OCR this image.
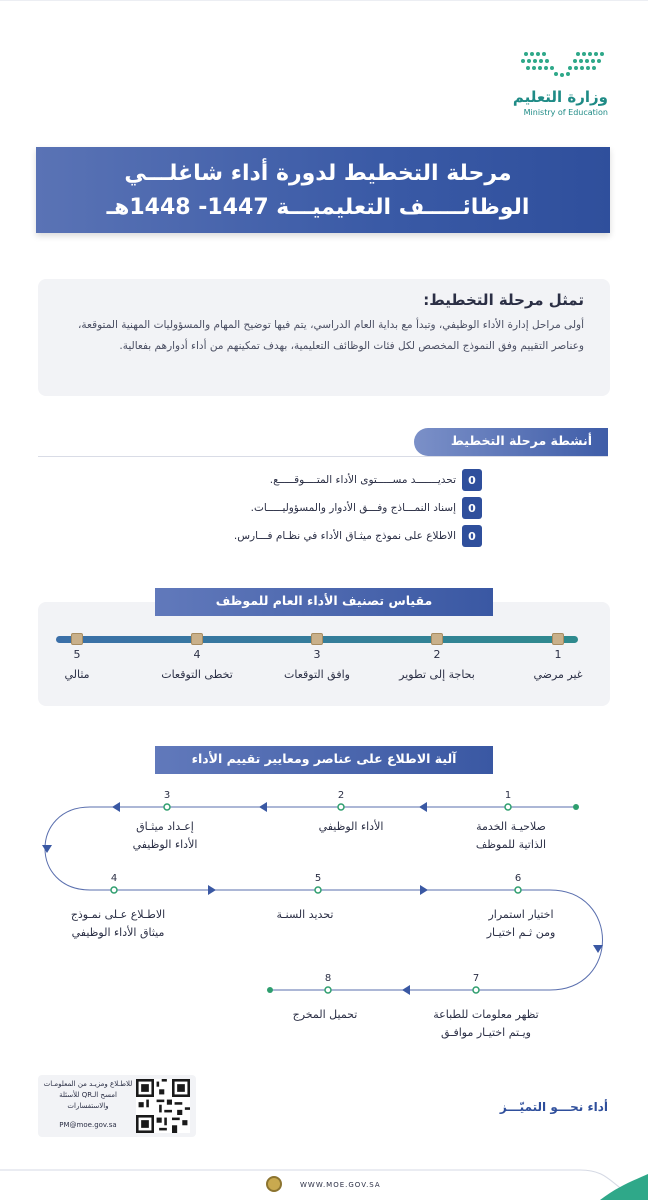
وزارة التعليم
Ministry of Education
مرحلة التخطيط لدورة أداء شاغلـــي
الوظائـــــف التعليميـــة 1447- 1448هـ
تمثل مرحلة التخطيط:
أولى مراحل إدارة الأداء الوظيفي، وتبدأ مع بداية العام الدراسي، يتم فيها توضيح المهام والمسؤوليات المهنية المتوقعة، وعناصر التقييم وفق النموذج المخصص لكل فئات الوظائف التعليمية، بهدف تمكينهم من أداء أدوارهم بفعالية.
أنشطة مرحلة التخطيط
0
تحديـــــــد مســـــتوى الأداء المتــــوقـــــع.
0
إسناد النمـــاذج وفـــق الأدوار والمسؤوليـــــات.
0
الاطلاع على نموذج ميثـاق الأداء في نظـام فـــارس.
مقياس تصنيف الأداء العام للموظف
1
2
3
4
5
غير مرضي
بحاجة إلى تطوير
وافق التوقعات
تخطى التوقعات
مثالي
آلية الاطلاع على عناصر ومعايير تقييم الأداء
1
2
3
4	5	6
7
8
صلاحيـة الخدمة
الذاتية للموظف
الأداء الوظيفي
إعـداد ميثـاق
الأداء الوظيفي
الاطـلاع عـلى نمـوذج
ميثاق الأداء الوظيفي
تحديد السنـة	اختيار استمرار
ومن ثـم اختيـار
تظهر معلومات للطباعة
ويـتم اختيـار موافـق
تحميل المخرج
للاطـلاع ومزيـد من المعلومـات امسح الـQR للأسئلة والاستفسارات
PM@moe.gov.sa
أداء نحـــو التميّـــز
WWW.MOE.GOV.SA
